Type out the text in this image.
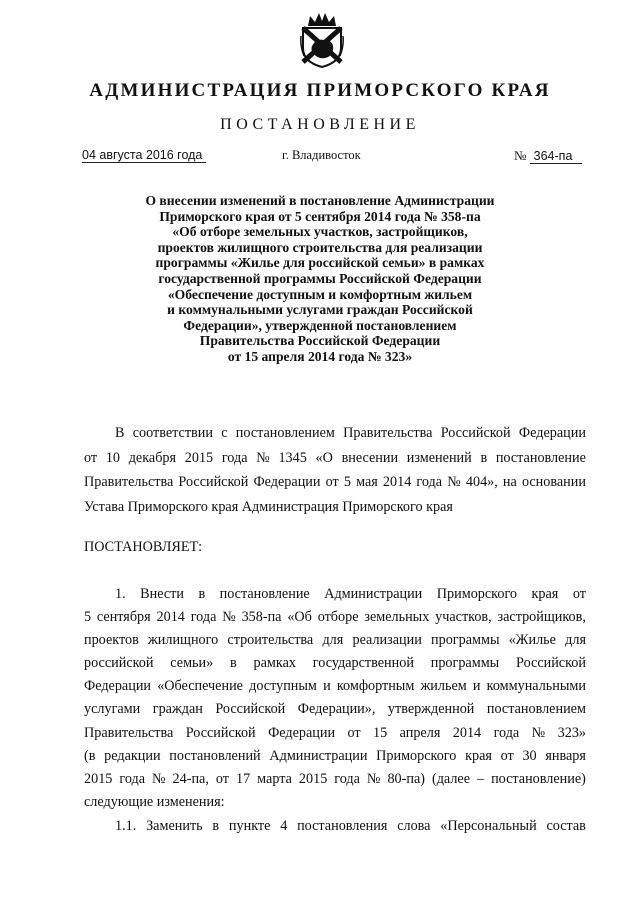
АДМИНИСТРАЦИЯ ПРИМОРСКОГО КРАЯ
ПОСТАНОВЛЕНИЕ
04 августа 2016 года	г. Владивосток	№ 364-па
О внесении изменений в постановление Администрации
Приморского края от 5 сентября 2014 года № 358-па
«Об отборе земельных участков, застройщиков,
проектов жилищного строительства для реализации
программы «Жилье для российской семьи» в рамках
государственной программы Российской Федерации
«Обеспечение доступным и комфортным жильем
и коммунальными услугами граждан Российской
Федерации», утвержденной постановлением
Правительства Российской Федерации
от 15 апреля 2014 года № 323»
В соответствии с постановлением Правительства Российской Федерации
от 10 декабря 2015 года № 1345 «О внесении изменений в постановление
Правительства Российской Федерации от 5 мая 2014 года № 404», на основании
Устава Приморского края Администрация Приморского края
ПОСТАНОВЛЯЕТ:
1. Внести в постановление Администрации Приморского края от
5 сентября 2014 года № 358-па «Об отборе земельных участков, застройщиков,
проектов жилищного строительства для реализации программы «Жилье для
российской семьи» в рамках государственной программы Российской
Федерации «Обеспечение доступным и комфортным жильем и коммунальными
услугами граждан Российской Федерации», утвержденной постановлением
Правительства Российской Федерации от 15 апреля 2014 года № 323»
(в редакции постановлений Администрации Приморского края от 30 января
2015 года № 24-па, от 17 марта 2015 года № 80-па) (далее – постановление)
следующие изменения:
1.1. Заменить в пункте 4 постановления слова «Персональный состав
